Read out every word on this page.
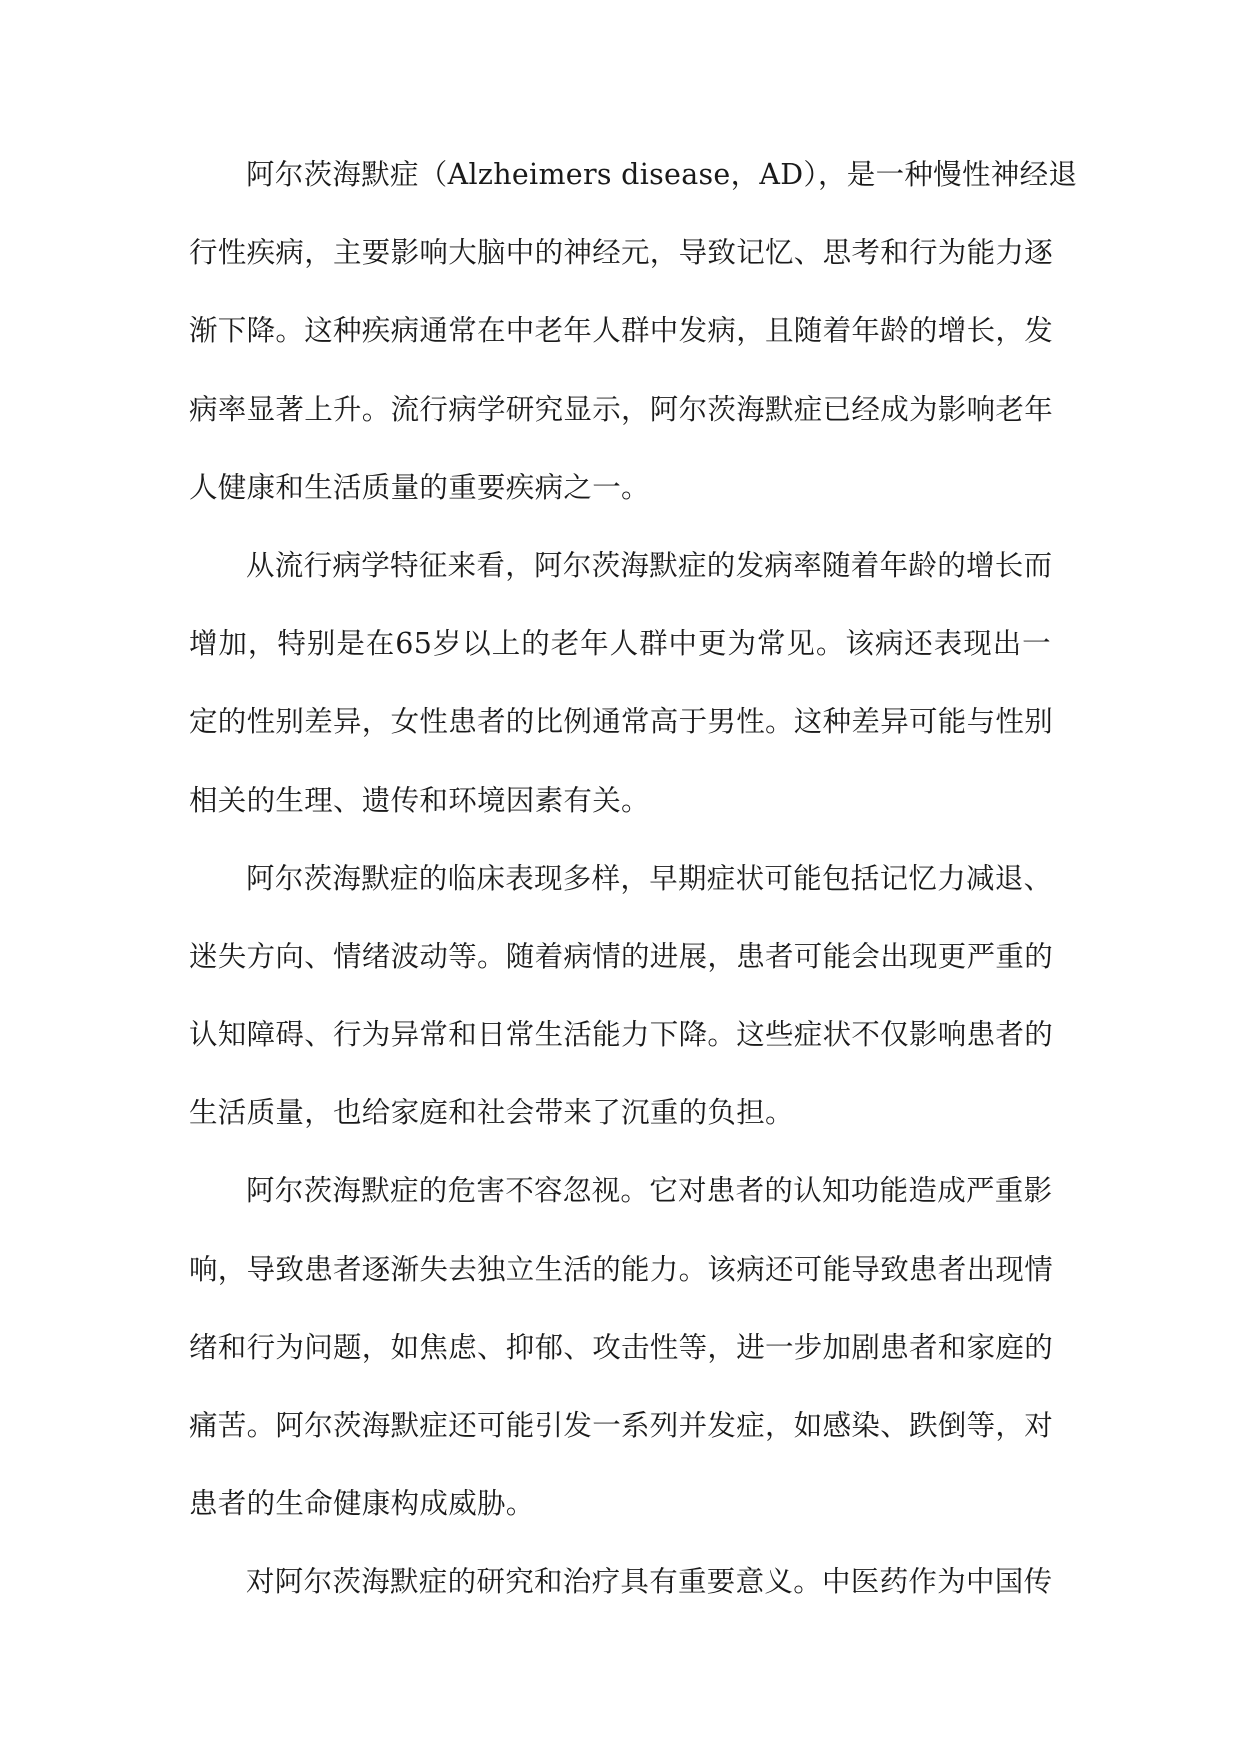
阿尔茨海默症（Alzheimers disease，AD），是一种慢性神经退
行性疾病，主要影响大脑中的神经元，导致记忆、思考和行为能力逐
渐下降。这种疾病通常在中老年人群中发病，且随着年龄的增长，发
病率显著上升。流行病学研究显示，阿尔茨海默症已经成为影响老年
人健康和生活质量的重要疾病之一。
从流行病学特征来看，阿尔茨海默症的发病率随着年龄的增长而
增加，特别是在65岁以上的老年人群中更为常见。该病还表现出一
定的性别差异，女性患者的比例通常高于男性。这种差异可能与性别
相关的生理、遗传和环境因素有关。
阿尔茨海默症的临床表现多样，早期症状可能包括记忆力减退、
迷失方向、情绪波动等。随着病情的进展，患者可能会出现更严重的
认知障碍、行为异常和日常生活能力下降。这些症状不仅影响患者的
生活质量，也给家庭和社会带来了沉重的负担。
阿尔茨海默症的危害不容忽视。它对患者的认知功能造成严重影
响，导致患者逐渐失去独立生活的能力。该病还可能导致患者出现情
绪和行为问题，如焦虑、抑郁、攻击性等，进一步加剧患者和家庭的
痛苦。阿尔茨海默症还可能引发一系列并发症，如感染、跌倒等，对
患者的生命健康构成威胁。
对阿尔茨海默症的研究和治疗具有重要意义。中医药作为中国传
